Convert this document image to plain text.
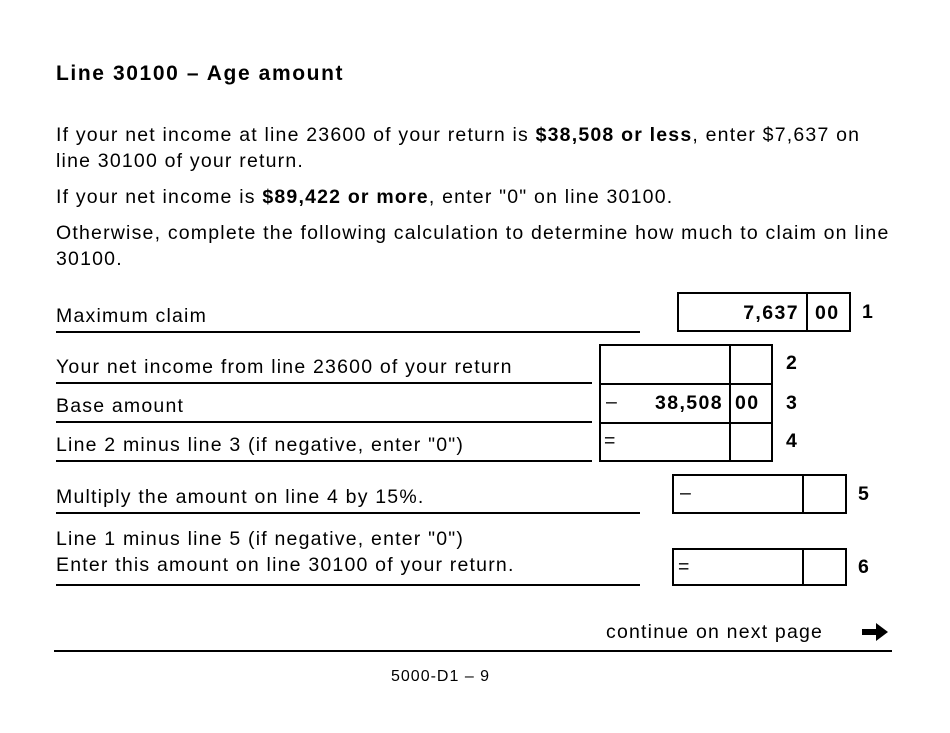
Line 30100 – Age amount
If your net income at line 23600 of your return is $38,508 or less, enter $7,637 on line 30100 of your return.
If your net income is $89,422 or more, enter "0" on line 30100.
Otherwise, complete the following calculation to determine how much to claim on line 30100.
Maximum claim	7,637 00 1
Your net income from line 23600 of your return	2
Base amount	–	38,508 00 3
Line 2 minus line 3 (if negative, enter "0")	=	4
Multiply the amount on line 4 by 15%.	–	5
Line 1 minus line 5 (if negative, enter "0")
Enter this amount on line 30100 of your return.	=	6
continue on next page
5000-D1 – 9
